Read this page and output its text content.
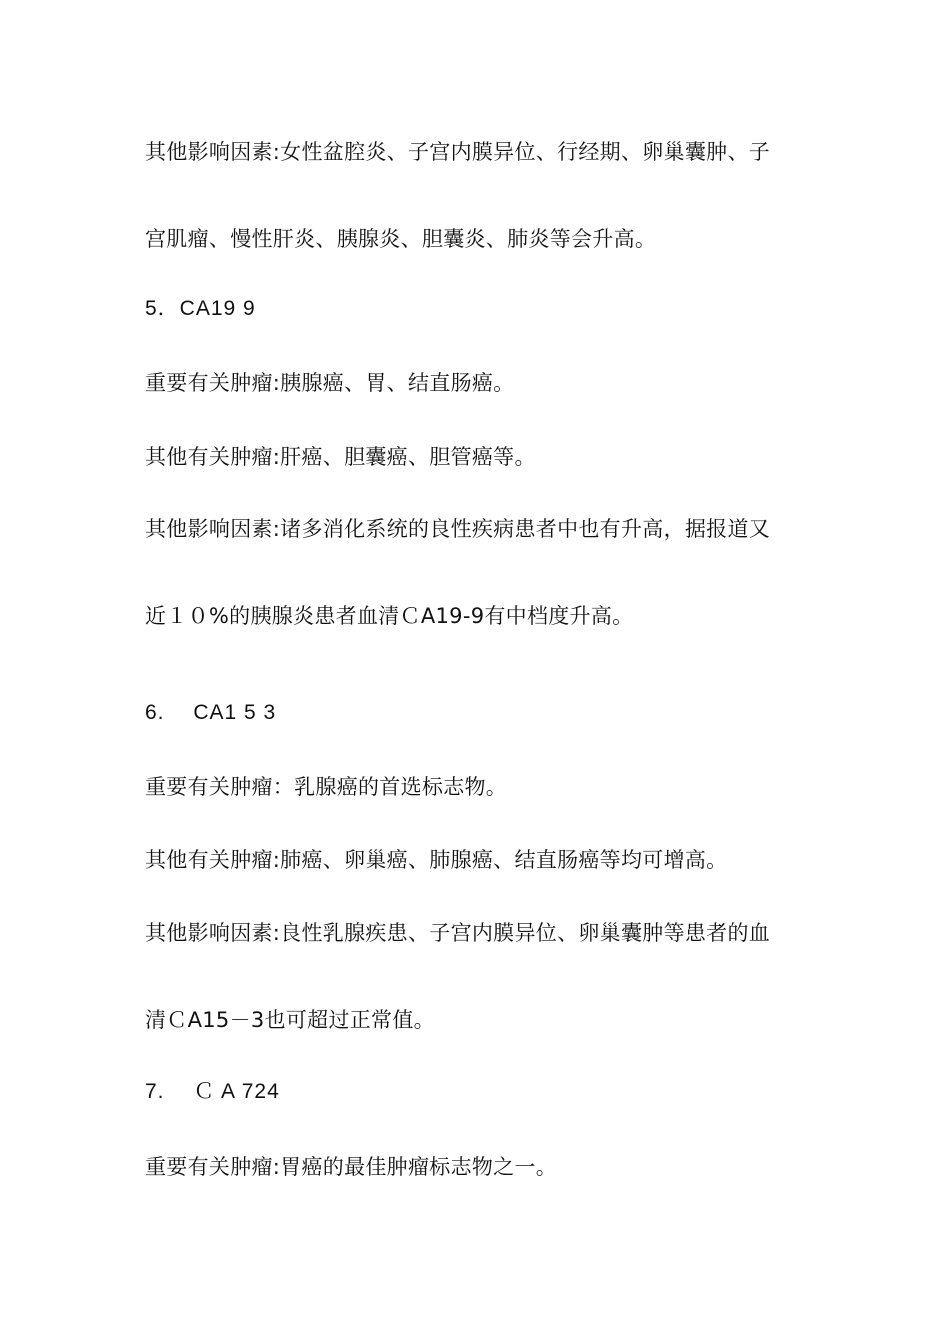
其他影响因素:女性盆腔炎、子宫内膜异位、行经期、卵巢囊肿、子
宫肌瘤、慢性肝炎、胰腺炎、胆囊炎、肺炎等会升高。
5．CA19 9
重要有关肿瘤:胰腺癌、胃、结直肠癌。
其他有关肿瘤:肝癌、胆囊癌、胆管癌等。
其他影响因素:诸多消化系统的良性疾病患者中也有升高，据报道又
近１０%的胰腺炎患者血清ＣA19-9有中档度升高。
6.　 CA1 5 3
重要有关肿瘤：乳腺癌的首选标志物。
其他有关肿瘤:肺癌、卵巢癌、肺腺癌、结直肠癌等均可增高。
其他影响因素:良性乳腺疾患、子宫内膜异位、卵巢囊肿等患者的血
清ＣA15－3也可超过正常值。
7.　 Ｃ A 724
重要有关肿瘤:胃癌的最佳肿瘤标志物之一。
